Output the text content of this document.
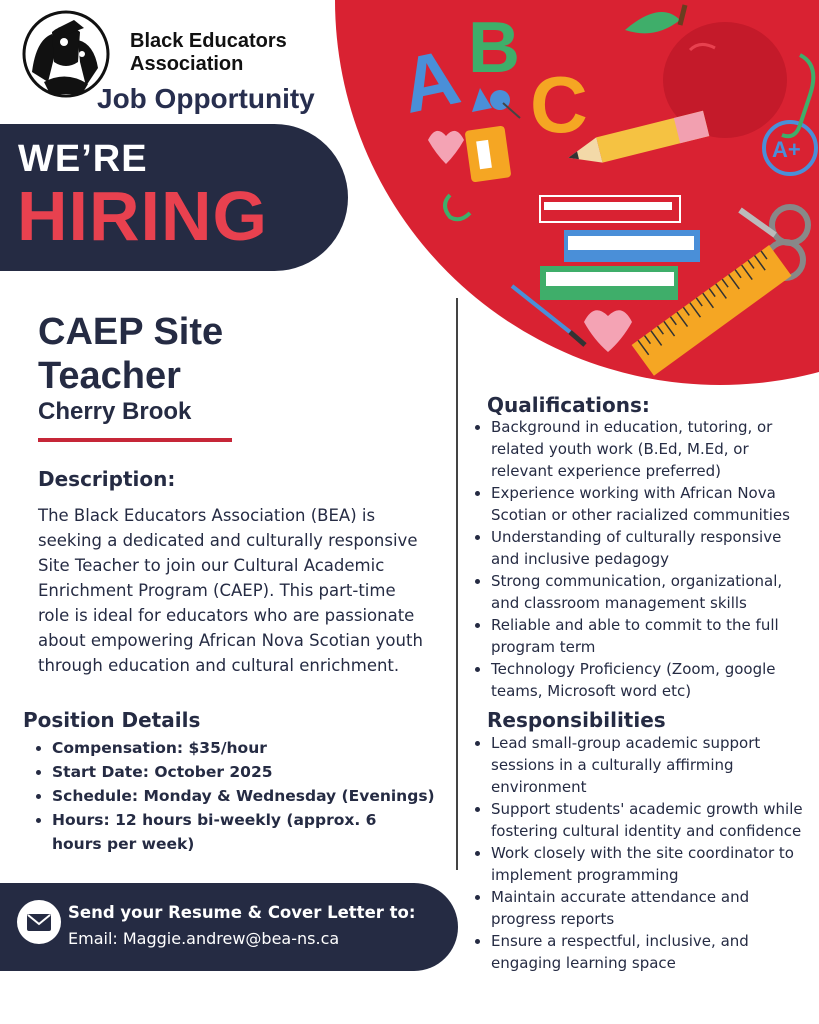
A B
C
A+
Black Educators
Association
Job Opportunity
WE’RE
HIRING
CAEP Site
Teacher
Cherry Brook
Description:
The Black Educators Association (BEA) is
seeking a dedicated and culturally responsive
Site Teacher to join our Cultural Academic
Enrichment Program (CAEP). This part-time
role is ideal for educators who are passionate
about empowering African Nova Scotian youth
through education and cultural enrichment.
Position Details
• Compensation: $35/hour
• Start Date: October 2025
• Schedule: Monday & Wednesday (Evenings)
• Hours: 12 hours bi-weekly (approx. 6 hours per week)
Qualifications:
• Background in education, tutoring, or related youth work (B.Ed, M.Ed, or relevant experience preferred)
• Experience working with African Nova Scotian or other racialized communities
• Understanding of culturally responsive and inclusive pedagogy
• Strong communication, organizational, and classroom management skills
• Reliable and able to commit to the full program term
• Technology Proficiency (Zoom, google teams, Microsoft word etc)
Responsibilities
• Lead small-group academic support sessions in a culturally affirming environment
• Support students' academic growth while fostering cultural identity and confidence
• Work closely with the site coordinator to implement programming
• Maintain accurate attendance and progress reports
• Ensure a respectful, inclusive, and engaging learning space
Send your Resume & Cover Letter to:
Email: Maggie.andrew@bea-ns.ca
